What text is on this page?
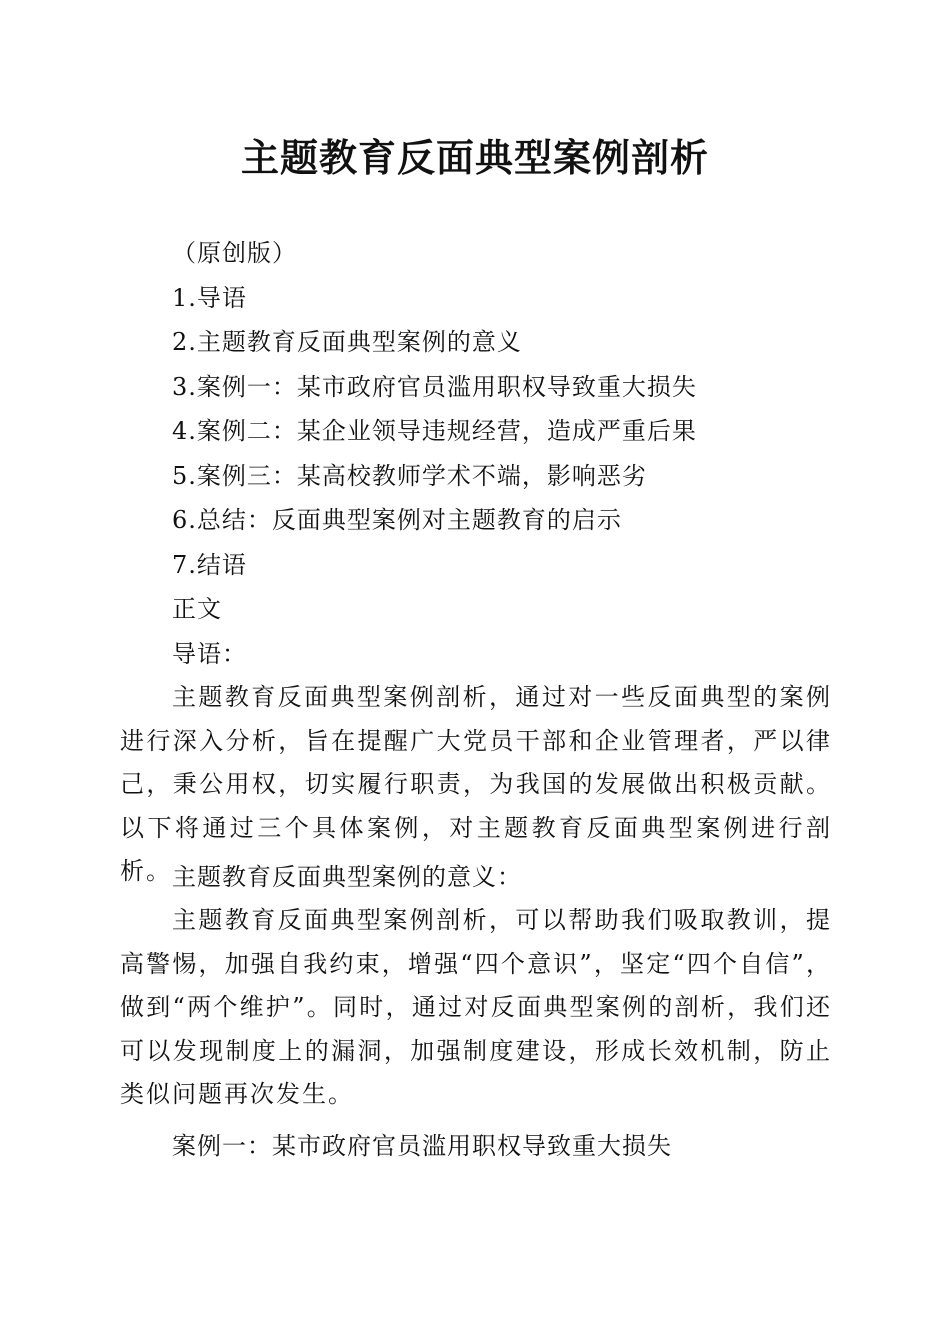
主题教育反面典型案例剖析
（原创版）
1.导语
2.主题教育反面典型案例的意义
3.案例一：某市政府官员滥用职权导致重大损失
4.案例二：某企业领导违规经营，造成严重后果
5.案例三：某高校教师学术不端，影响恶劣
6.总结：反面典型案例对主题教育的启示
7.结语
正文
导语：

主题教育反面典型案例剖析，通过对一些反面典型的案例进行深入分析，旨在提醒广大党员干部和企业管理者，严以律己，秉公用权，切实履行职责，为我国的发展做出积极贡献。以下将通过三个具体案例，对主题教育反面典型案例进行剖析。 主题教育反面典型案例的意义：

主题教育反面典型案例剖析，可以帮助我们吸取教训，提高警惕，加强自我约束，增强“四个意识”，坚定“四个自信”，做到“两个维护”。同时，通过对反面典型案例的剖析，我们还可以发现制度上的漏洞，加强制度建设，形成长效机制，防止类似问题再次发生。

案例一：某市政府官员滥用职权导致重大损失
